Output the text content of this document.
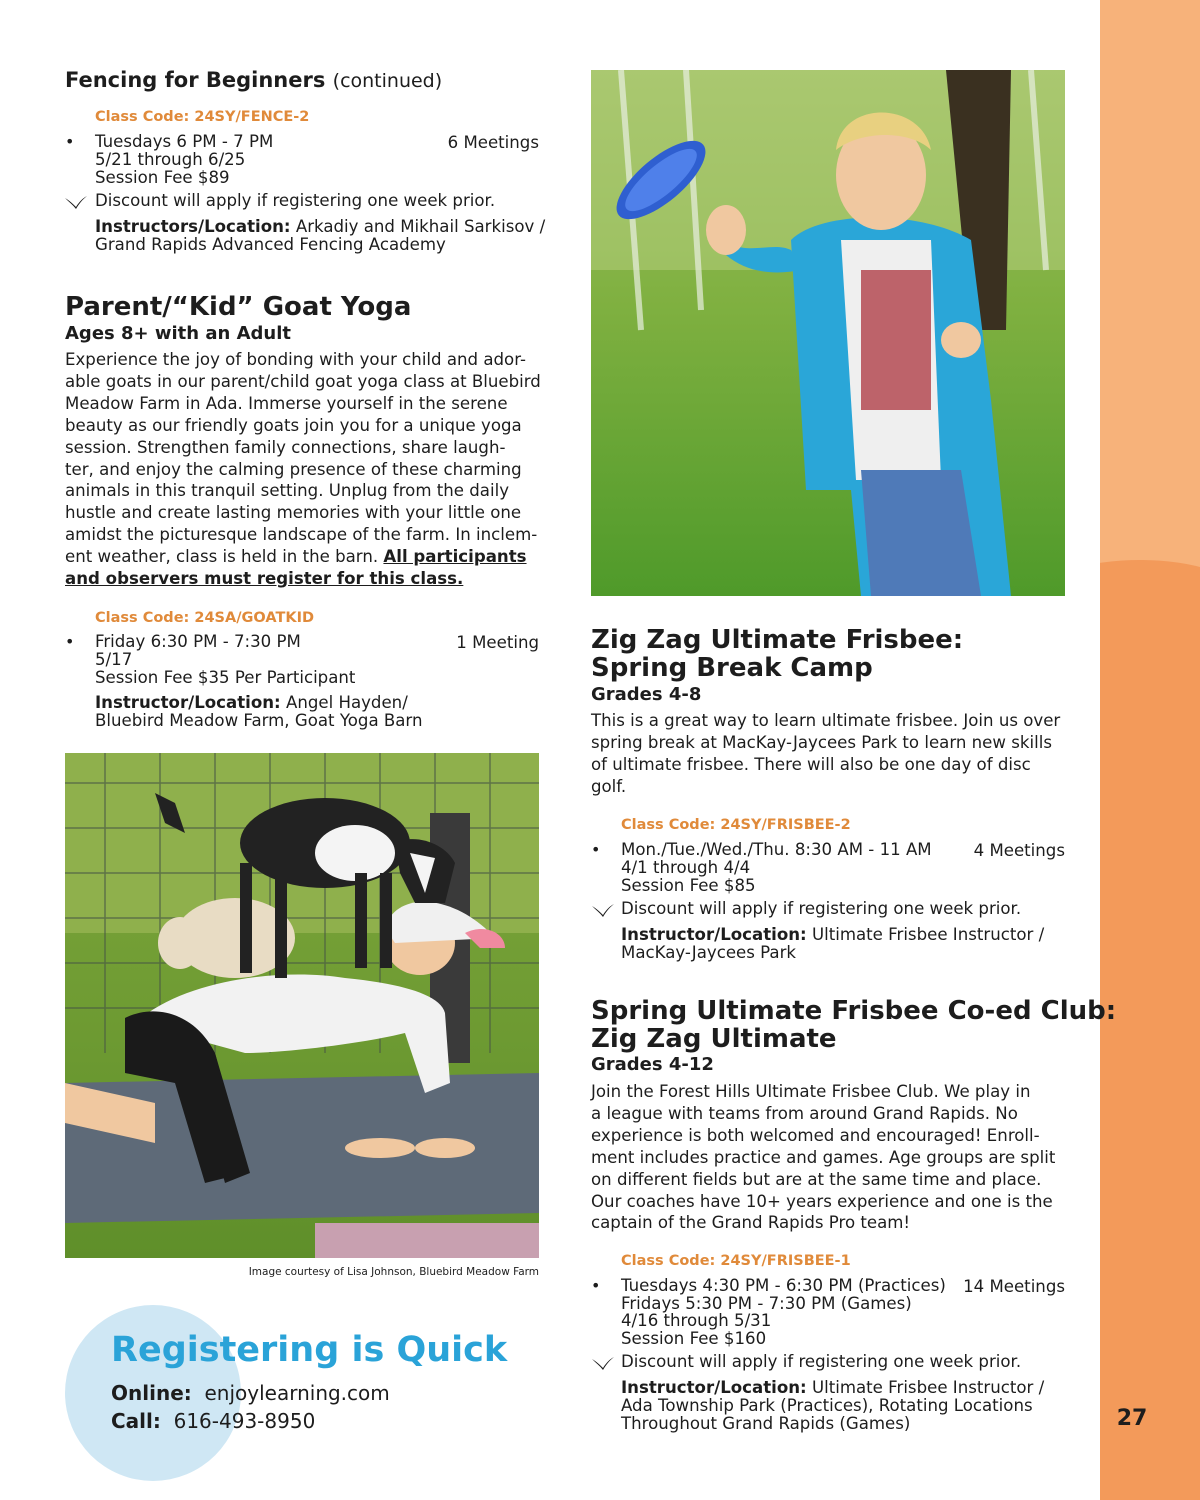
27
Fencing for Beginners (continued)
Class Code: 24SY/FENCE-2
• Tuesdays 6 PM - 7 PM	6 Meetings
5/21 through 6/25
Session Fee $89
Discount will apply if registering one week prior.
Instructors/Location: Arkadiy and Mikhail Sarkisov /
Grand Rapids Advanced Fencing Academy
Parent/“Kid” Goat Yoga
Ages 8+ with an Adult
Experience the joy of bonding with your child and ador-
able goats in our parent/child goat yoga class at Bluebird
Meadow Farm in Ada. Immerse yourself in the serene
beauty as our friendly goats join you for a unique yoga
session. Strengthen family connections, share laugh-
ter, and enjoy the calming presence of these charming
animals in this tranquil setting. Unplug from the daily
hustle and create lasting memories with your little one
amidst the picturesque landscape of the farm. In inclem-
ent weather, class is held in the barn. All participants
and observers must register for this class.
Class Code: 24SA/GOATKID
• Friday 6:30 PM - 7:30 PM	1 Meeting
5/17
Session Fee $35 Per Participant
Instructor/Location: Angel Hayden/
Bluebird Meadow Farm, Goat Yoga Barn
Image courtesy of Lisa Johnson, Bluebird Meadow Farm
Registering is Quick
Online: enjoylearning.com
Call: 616-493-8950
Zig Zag Ultimate Frisbee:
Spring Break Camp
Grades 4-8
This is a great way to learn ultimate frisbee. Join us over
spring break at MacKay-Jaycees Park to learn new skills
of ultimate frisbee. There will also be one day of disc
golf.
Class Code: 24SY/FRISBEE-2
• Mon./Tue./Wed./Thu. 8:30 AM - 11 AM	4 Meetings
4/1 through 4/4
Session Fee $85
Discount will apply if registering one week prior.
Instructor/Location: Ultimate Frisbee Instructor /
MacKay-Jaycees Park
Spring Ultimate Frisbee Co-ed Club:
Zig Zag Ultimate
Grades 4-12
Join the Forest Hills Ultimate Frisbee Club. We play in
a league with teams from around Grand Rapids. No
experience is both welcomed and encouraged! Enroll-
ment includes practice and games. Age groups are split
on different fields but are at the same time and place.
Our coaches have 10+ years experience and one is the
captain of the Grand Rapids Pro team!
Class Code: 24SY/FRISBEE-1
• Tuesdays 4:30 PM - 6:30 PM (Practices)	14 Meetings
Fridays 5:30 PM - 7:30 PM (Games)
4/16 through 5/31
Session Fee $160
Discount will apply if registering one week prior.
Instructor/Location: Ultimate Frisbee Instructor /
Ada Township Park (Practices), Rotating Locations
Throughout Grand Rapids (Games)
